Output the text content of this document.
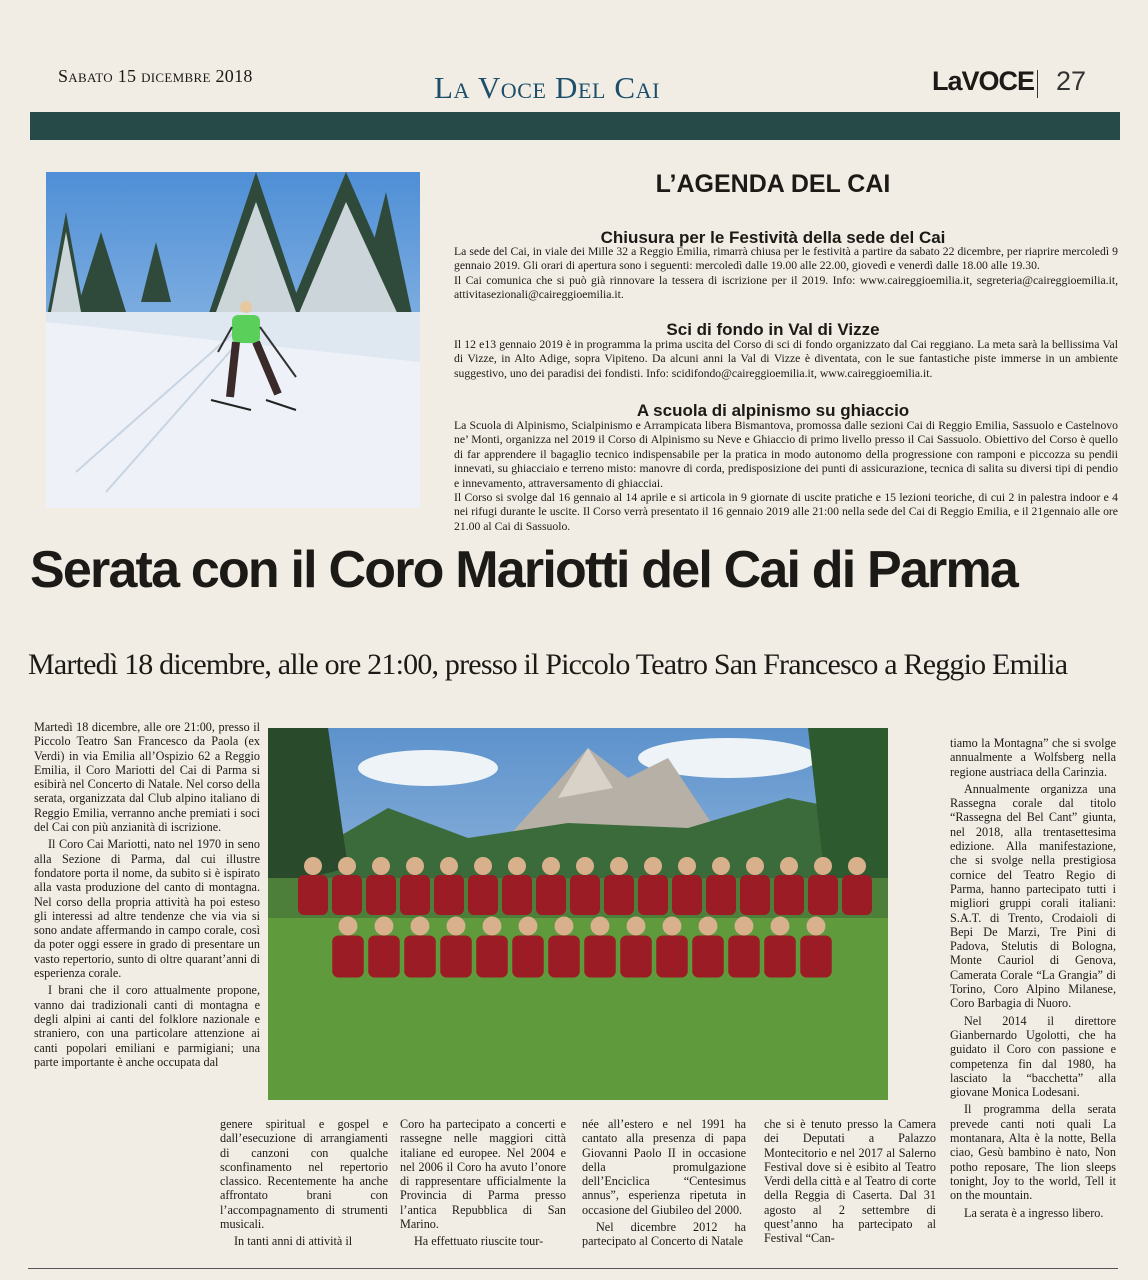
Sabato 15 dicembre 2018	La Voce Del Cai	LaVOCE 27
L’AGENDA DEL CAI
Chiusura per le Festività della sede del Cai

La sede del Cai, in viale dei Mille 32 a Reggio Emilia, rimarrà chiusa per le festività a partire da sabato 22 dicembre, per riaprire mercoledì 9 gennaio 2019. Gli orari di apertura sono i seguenti: mercoledì dalle 19.00 alle 22.00, giovedì e venerdì dalle 18.00 alle 19.30.

Il Cai comunica che si può già rinnovare la tessera di iscrizione per il 2019. Info: www.caireggioemilia.it, segreteria@caireggioemilia.it, attivitasezionali@caireggioemilia.it.

Sci di fondo in Val di Vizze

Il 12 e13 gennaio 2019 è in programma la prima uscita del Corso di sci di fondo organizzato dal Cai reggiano. La meta sarà la bellissima Val di Vizze, in Alto Adige, sopra Vipiteno. Da alcuni anni la Val di Vizze è diventata, con le sue fantastiche piste immerse in un ambiente suggestivo, uno dei paradisi dei fondisti. Info: scidifondo@caireggioemilia.it, www.caireggioemilia.it.

A scuola di alpinismo su ghiaccio

La Scuola di Alpinismo, Scialpinismo e Arrampicata libera Bismantova, promossa dalle sezioni Cai di Reggio Emilia, Sassuolo e Castelnovo ne’ Monti, organizza nel 2019 il Corso di Alpinismo su Neve e Ghiaccio di primo livello presso il Cai Sassuolo. Obiettivo del Corso è quello di far apprendere il bagaglio tecnico indispensabile per la pratica in modo autonomo della progressione con ramponi e piccozza su pendii innevati, su ghiacciaio e terreno misto: manovre di corda, predisposizione dei punti di assicurazione, tecnica di salita su diversi tipi di pendio e innevamento, attraversamento di ghiacciai.

Il Corso si svolge dal 16 gennaio al 14 aprile e si articola in 9 giornate di uscite pratiche e 15 lezioni teoriche, di cui 2 in palestra indoor e 4 nei rifugi durante le uscite. Il Corso verrà presentato il 16 gennaio 2019 alle 21:00 nella sede del Cai di Reggio Emilia, e il 21gennaio alle ore 21.00 al Cai di Sassuolo.

Serata con il Coro Mariotti del Cai di Parma
Martedì 18 dicembre, alle ore 21:00, presso il Piccolo Teatro San Francesco a Reggio Emilia

Martedì 18 dicembre, alle ore 21:00, presso il Piccolo Teatro San Francesco da Paola (ex Verdi) in via Emilia all’Ospizio 62 a Reggio Emilia, il Coro Mariotti del Cai di Parma si esibirà nel Concerto di Natale. Nel corso della serata, organizzata dal Club alpino italiano di Reggio Emilia, verranno anche premiati i soci del Cai con più anzianità di iscrizione.

Il Coro Cai Mariotti, nato nel 1970 in seno alla Sezione di Parma, dal cui illustre fondatore porta il nome, da subito si è ispirato alla vasta produzione del canto di montagna. Nel corso della propria attività ha poi esteso gli interessi ad altre tendenze che via via si sono andate affermando in campo corale, così da poter oggi essere in grado di presentare un vasto repertorio, sunto di oltre quarant’anni di esperienza corale.

I brani che il coro attualmente propone, vanno dai tradizionali canti di montagna e degli alpini ai canti del folklore nazionale e straniero, con una particolare attenzione ai canti popolari emiliani e parmigiani; una parte importante è anche occupata dal

genere spiritual e gospel e dall’esecuzione di arrangiamenti di canzoni con qualche sconfinamento nel repertorio classico. Recentemente ha anche affrontato brani con l’accompagnamento di strumenti musicali.

In tanti anni di attività il

Coro ha partecipato a concerti e rassegne nelle maggiori città italiane ed europee. Nel 2004 e nel 2006 il Coro ha avuto l’onore di rappresentare ufficialmente la Provincia di Parma presso l’antica Repubblica di San Marino.

Ha effettuato riuscite tour-

née all’estero e nel 1991 ha cantato alla presenza di papa Giovanni Paolo II in occasione della promulgazione dell’Enciclica “Centesimus annus”, esperienza ripetuta in occasione del Giubileo del 2000.

Nel dicembre 2012 ha partecipato al Concerto di Natale

che si è tenuto presso la Camera dei Deputati a Palazzo Montecitorio e nel 2017 al Salerno Festival dove si è esibito al Teatro Verdi della città e al Teatro di corte della Reggia di Caserta. Dal 31 agosto al 2 settembre di quest’anno ha partecipato al Festival “Can-

tiamo la Montagna” che si svolge annualmente a Wolfsberg nella regione austriaca della Carinzia.

Annualmente organizza una Rassegna corale dal titolo “Rassegna del Bel Cant” giunta, nel 2018, alla trentasettesima edizione. Alla manifestazione, che si svolge nella prestigiosa cornice del Teatro Regio di Parma, hanno partecipato tutti i migliori gruppi corali italiani: S.A.T. di Trento, Crodaioli di Bepi De Marzi, Tre Pini di Padova, Stelutis di Bologna, Monte Cauriol di Genova, Camerata Corale “La Grangia” di Torino, Coro Alpino Milanese, Coro Barbagia di Nuoro.

Nel 2014 il direttore Gianbernardo Ugolotti, che ha guidato il Coro con passione e competenza fin dal 1980, ha lasciato la “bacchetta” alla giovane Monica Lodesani.

Il programma della serata prevede canti noti quali La montanara, Alta è la notte, Bella ciao, Gesù bambino è nato, Non potho reposare, The lion sleeps tonight, Joy to the world, Tell it on the mountain.

La serata è a ingresso libero.
